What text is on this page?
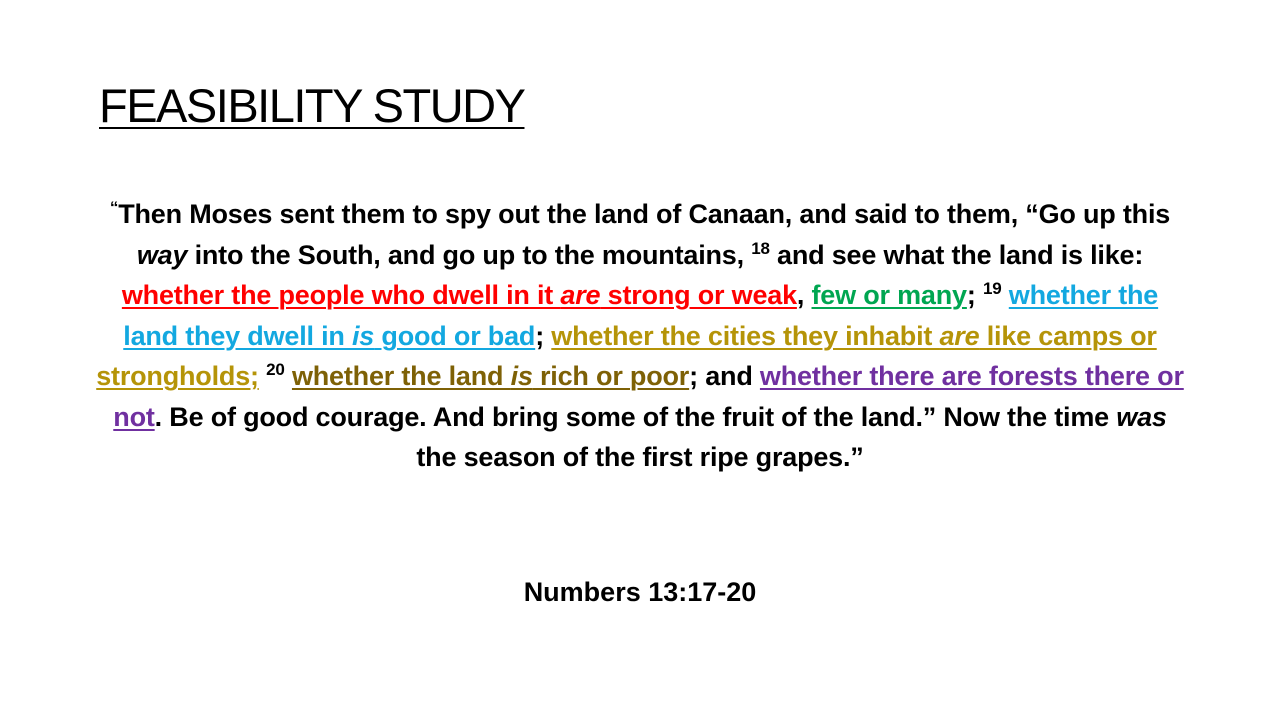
FEASIBILITY STUDY

“Then Moses sent them to spy out the land of Canaan, and said to them, “Go up this way into the South, and go up to the mountains, $^{18}$ and see what the land is like: whether the people who dwell in it are strong or weak, few or many; $^{19}$ whether the land they dwell in is good or bad; whether the cities they inhabit are like camps or strongholds; $^{20}$ whether the land is rich or poor; and whether there are forests there or not. Be of good courage. And bring some of the fruit of the land.” Now the time was the season of the first ripe grapes.”

Numbers 13:17-20
